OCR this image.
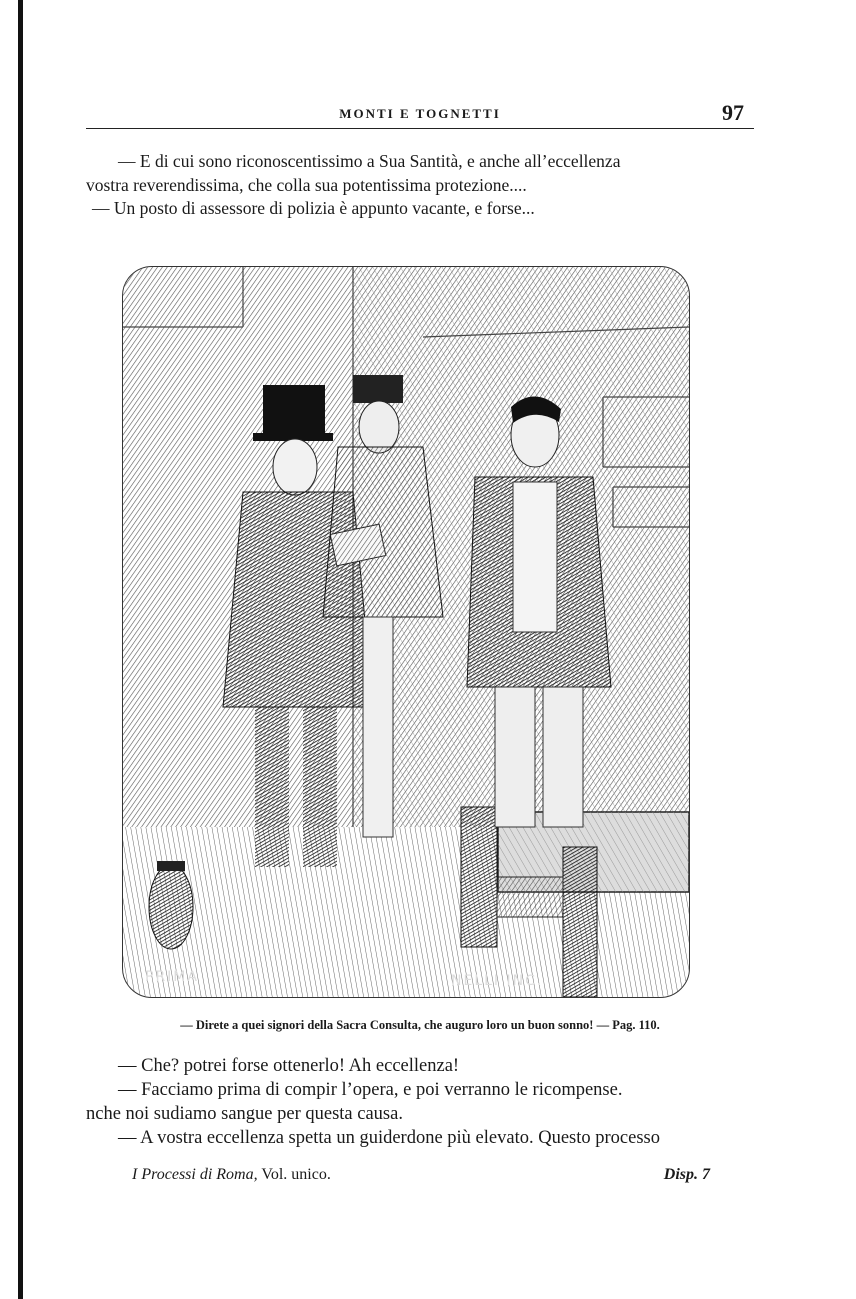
MONTI E TOGNETTI	97
— E di cui sono riconoscentissimo a Sua Santità, e anche all’eccellenza
vostra reverendissima, che colla sua potentissima protezione....
— Un posto di assessore di polizia è appunto vacante, e forse...
PRIMA	NELLI INC.
— Direte a quei signori della Sacra Consulta, che auguro loro un buon sonno! — Pag. 110.
— Che? potrei forse ottenerlo! Ah eccellenza!
— Facciamo prima di compir l’opera, e poi verranno le ricompense.
nche noi sudiamo sangue per questa causa.
— A vostra eccellenza spetta un guiderdone più elevato. Questo processo
I Processi di Roma, Vol. unico.	Disp. 7
